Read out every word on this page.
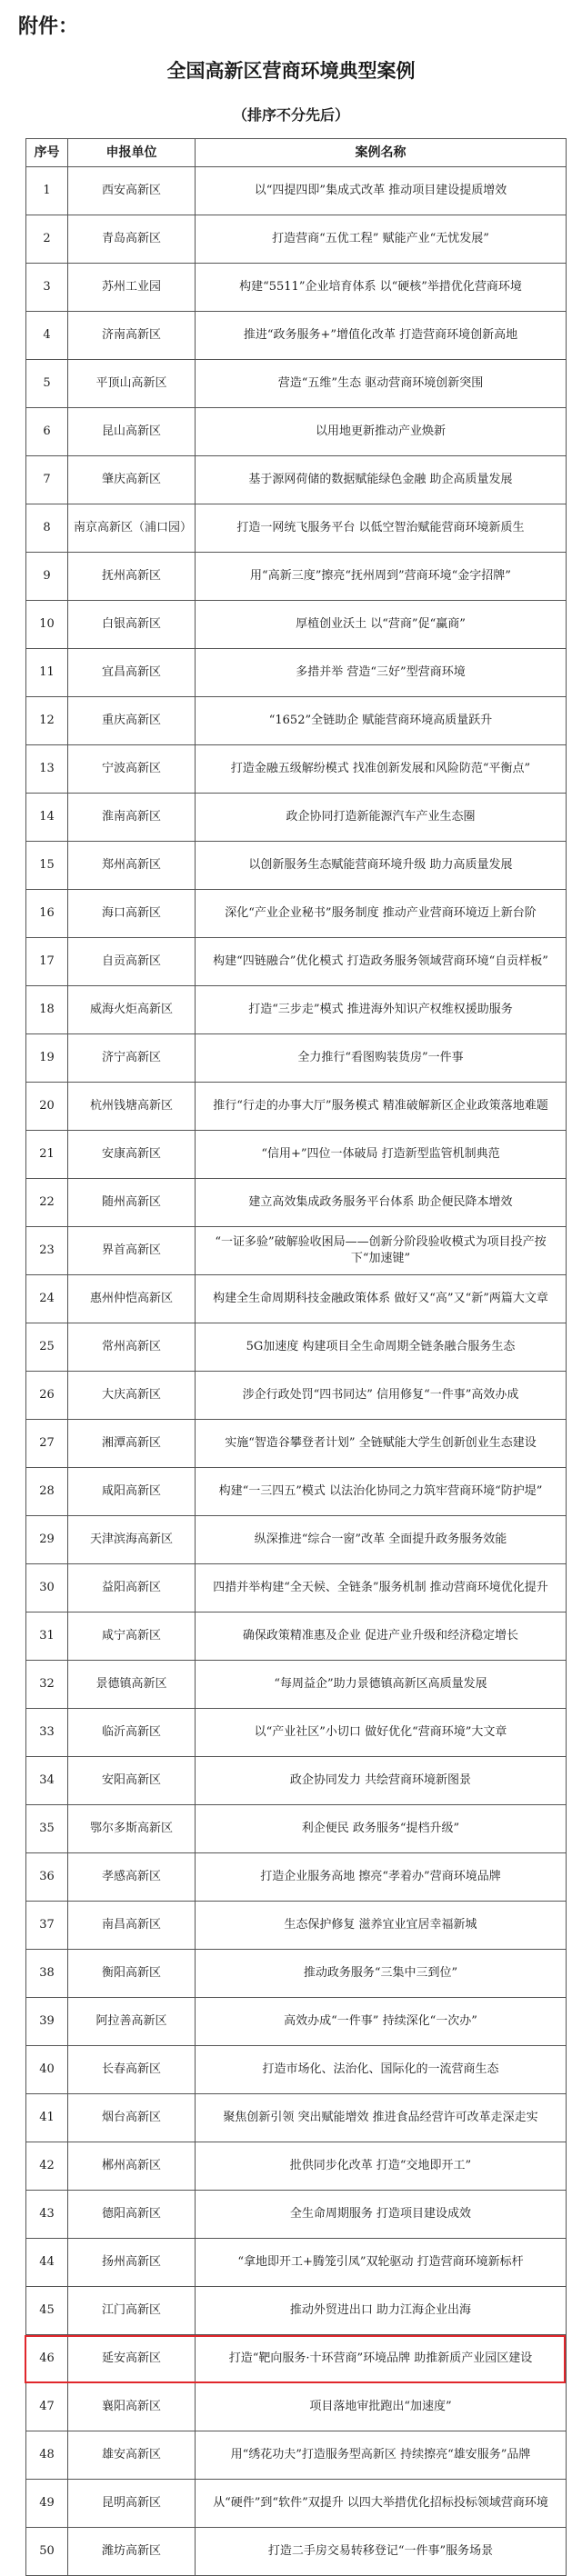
附件：
全国高新区营商环境典型案例
（排序不分先后）
序号	申报单位	案例名称
1	西安高新区	以“四提四即”集成式改革 推动项目建设提质增效
2	青岛高新区	打造营商“五优工程” 赋能产业“无忧发展”
3	苏州工业园	构建“5511”企业培育体系 以“硬核”举措优化营商环境
4	济南高新区	推进“政务服务+”增值化改革 打造营商环境创新高地
5	平顶山高新区	营造“五维”生态 驱动营商环境创新突围
6	昆山高新区	以用地更新推动产业焕新
7	肇庆高新区	基于源网荷储的数据赋能绿色金融 助企高质量发展
8	南京高新区（浦口园）	打造一网统飞服务平台 以低空智治赋能营商环境新质生
9	抚州高新区	用“高新三度”擦亮“抚州周到”营商环境“金字招牌”
10	白银高新区	厚植创业沃土 以“营商”促“赢商”
11	宜昌高新区	多措并举 营造“三好”型营商环境
12	重庆高新区	“1652”全链助企 赋能营商环境高质量跃升
13	宁波高新区	打造金融五级解纷模式 找准创新发展和风险防范“平衡点”
14	淮南高新区	政企协同打造新能源汽车产业生态圈
15	郑州高新区	以创新服务生态赋能营商环境升级 助力高质量发展
16	海口高新区	深化“产业企业秘书”服务制度 推动产业营商环境迈上新台阶
17	自贡高新区	构建“四链融合”优化模式 打造政务服务领域营商环境“自贡样板”
18	威海火炬高新区	打造“三步走”模式 推进海外知识产权维权援助服务
19	济宁高新区	全力推行“看图购装货房”一件事
20	杭州钱塘高新区	推行“行走的办事大厅”服务模式 精准破解新区企业政策落地难题
21	安康高新区	“信用+”四位一体破局 打造新型监管机制典范
22	随州高新区	建立高效集成政务服务平台体系 助企便民降本增效
23	界首高新区	“一证多验”破解验收困局——创新分阶段验收模式为项目投产按下“加速键”
24	惠州仲恺高新区	构建全生命周期科技金融政策体系 做好又“高”又“新”两篇大文章
25	常州高新区	5G加速度 构建项目全生命周期全链条融合服务生态
26	大庆高新区	涉企行政处罚“四书同达” 信用修复“一件事”高效办成
27	湘潭高新区	实施“智造谷攀登者计划” 全链赋能大学生创新创业生态建设
28	咸阳高新区	构建“一三四五”模式 以法治化协同之力筑牢营商环境“防护堤”
29	天津滨海高新区	纵深推进“综合一窗”改革 全面提升政务服务效能
30	益阳高新区	四措并举构建“全天候、全链条”服务机制 推动营商环境优化提升
31	咸宁高新区	确保政策精准惠及企业 促进产业升级和经济稳定增长
32	景德镇高新区	“每周益企”助力景德镇高新区高质量发展
33	临沂高新区	以“产业社区”小切口 做好优化“营商环境”大文章
34	安阳高新区	政企协同发力 共绘营商环境新图景
35	鄂尔多斯高新区	利企便民 政务服务“提档升级”
36	孝感高新区	打造企业服务高地 擦亮“孝着办”营商环境品牌
37	南昌高新区	生态保护修复 滋养宜业宜居幸福新城
38	衡阳高新区	推动政务服务“三集中三到位”
39	阿拉善高新区	高效办成“一件事” 持续深化“一次办”
40	长春高新区	打造市场化、法治化、国际化的一流营商生态
41	烟台高新区	聚焦创新引领 突出赋能增效 推进食品经营许可改革走深走实
42	郴州高新区	批供同步化改革 打造“交地即开工”
43	德阳高新区	全生命周期服务 打造项目建设成效
44	扬州高新区	“拿地即开工+腾笼引凤”双轮驱动 打造营商环境新标杆
45	江门高新区	推动外贸进出口 助力江海企业出海
46	延安高新区	打造“靶向服务·十环营商”环境品牌 助推新质产业园区建设
47	襄阳高新区	项目落地审批跑出“加速度”
48	雄安高新区	用“绣花功夫”打造服务型高新区 持续擦亮“雄安服务”品牌
49	昆明高新区	从“硬件”到“软件”双提升 以四大举措优化招标投标领域营商环境
50	潍坊高新区	打造二手房交易转移登记“一件事”服务场景
